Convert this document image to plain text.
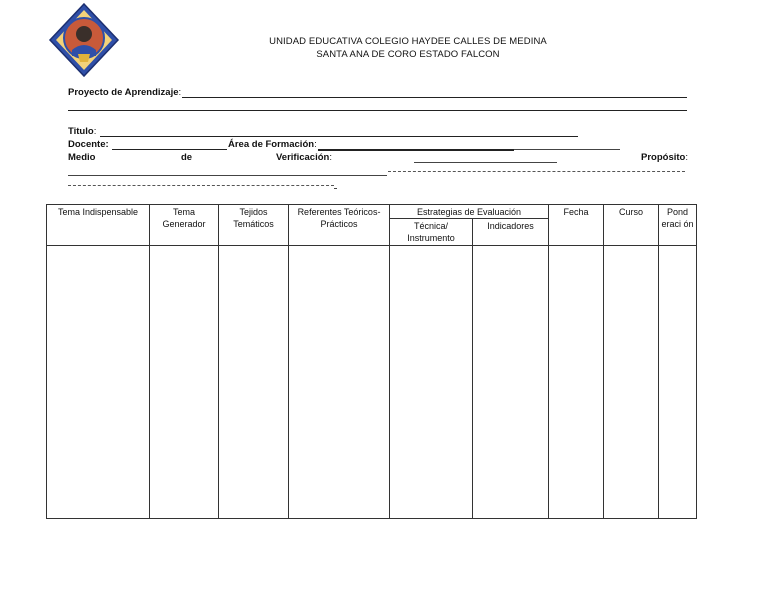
UNIDAD EDUCATIVA COLEGIO HAYDEE CALLES DE MEDINA
SANTA ANA DE CORO ESTADO FALCON
Proyecto de Aprendizaje:
Titulo:
Docente:	Área de Formación:
Medio	de	Verificación:	Propósito:
Tema Indispensable	Tema Generador	Tejidos Temáticos	Referentes Teóricos-Prácticos	Estrategias de Evaluación		Fecha	Curso	Pond eraci ón
				Técnica/ Instrumento	Indicadores			
